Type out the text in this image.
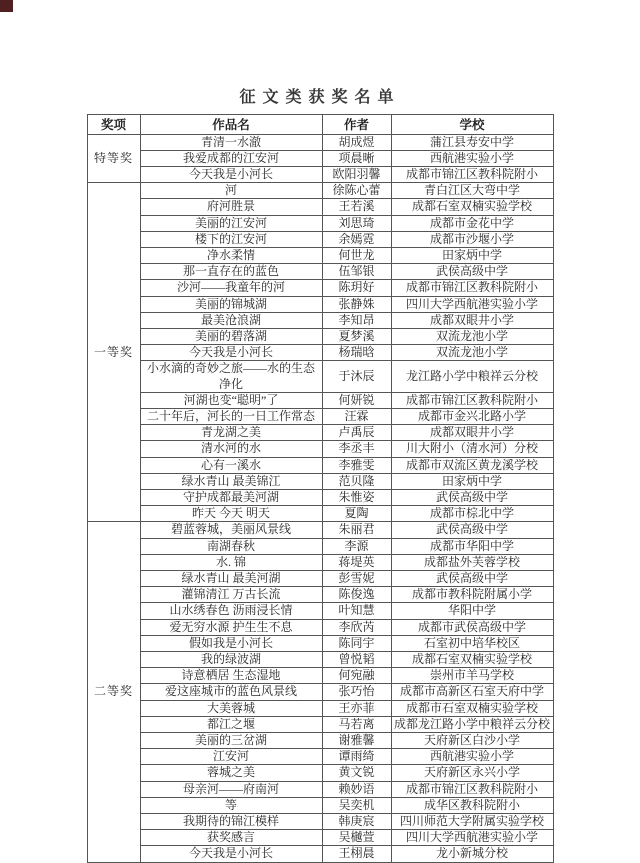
征文类获奖名单
奖项	作品名	作者	学校
特等奖	青清一水澈	胡成煜	蒲江县寿安中学
	我爱成都的江安河	项晨晰	西航港实验小学
	今天我是小河长	欧阳羽馨	成都市锦江区教科院附小
一等奖	河	徐陈心蕾	青白江区大弯中学
	府河胜景	王若溪	成都石室双楠实验学校
	美丽的江安河	刘思琦	成都市金花中学
	楼下的江安河	余嫣霓	成都市沙堰小学
	净水柔情	何世龙	田家炳中学
	那一直存在的蓝色	伍邹银	武侯高级中学
	沙河——我童年的河	陈玥好	成都市锦江区教科院附小
	美丽的锦城湖	张静姝	四川大学西航港实验小学
	最美沧浪湖	李知昂	成都双眼井小学
	美丽的碧落湖	夏梦溪	双流龙池小学
	今天我是小河长	杨瑞晗	双流龙池小学
	小水滴的奇妙之旅——水的生态净化	于沐辰	龙江路小学中粮祥云分校
	河湖也变“聪明”了	何妍锐	成都市锦江区教科院附小
	二十年后，河长的一日工作常态	汪霖	成都市金兴北路小学
	青龙湖之美	卢禹辰	成都双眼井小学
	清水河的水	李丞丰	川大附小（清水河）分校
	心有一溪水	李雅雯	成都市双流区黄龙溪学校
	绿水青山 最美锦江	范贝隆	田家炳中学
	守护成都最美河湖	朱惟姿	武侯高级中学
	昨天 今天 明天	夏陶	成都市棕北中学
二等奖	碧蓝蓉城，美丽风景线	朱丽君	武侯高级中学
	南湖春秋	李源	成都市华阳中学
	水. 锦	蒋堤英	成都盐外芙蓉学校
	绿水青山 最美河湖	彭雪妮	武侯高级中学
	灌锦清江 万古长流	陈俊逸	成都市教科院附属小学
	山水绣春色 沥雨浸长情	叶知慧	华阳中学
	爱无穷水源 护生生不息	李欣芮	成都市武侯高级中学
	假如我是小河长	陈同宇	石室初中培华校区
	我的绿波湖	曾悦韬	成都石室双楠实验学校
	诗意栖居 生态湿地	何宛融	崇州市羊马学校
	爱这座城市的蓝色风景线	张巧怡	成都市高新区石室天府中学
	大美蓉城	王亦菲	成都市石室双楠实验学校
	都江之堰	马若离	成都龙江路小学中粮祥云分校
	美丽的三岔湖	谢雅馨	天府新区白沙小学
	江安河	谭雨绮	西航港实验小学
	蓉城之美	黄文锐	天府新区永兴小学
	母亲河——府南河	赖妙语	成都市锦江区教科院附小
	等	吴奕机	成华区教科院附小
	我期待的锦江模样	韩庚宸	四川师范大学附属实验学校
	获奖感言	吴樾萱	四川大学西航港实验小学
	今天我是小河长	王栩晨	龙小新城分校
